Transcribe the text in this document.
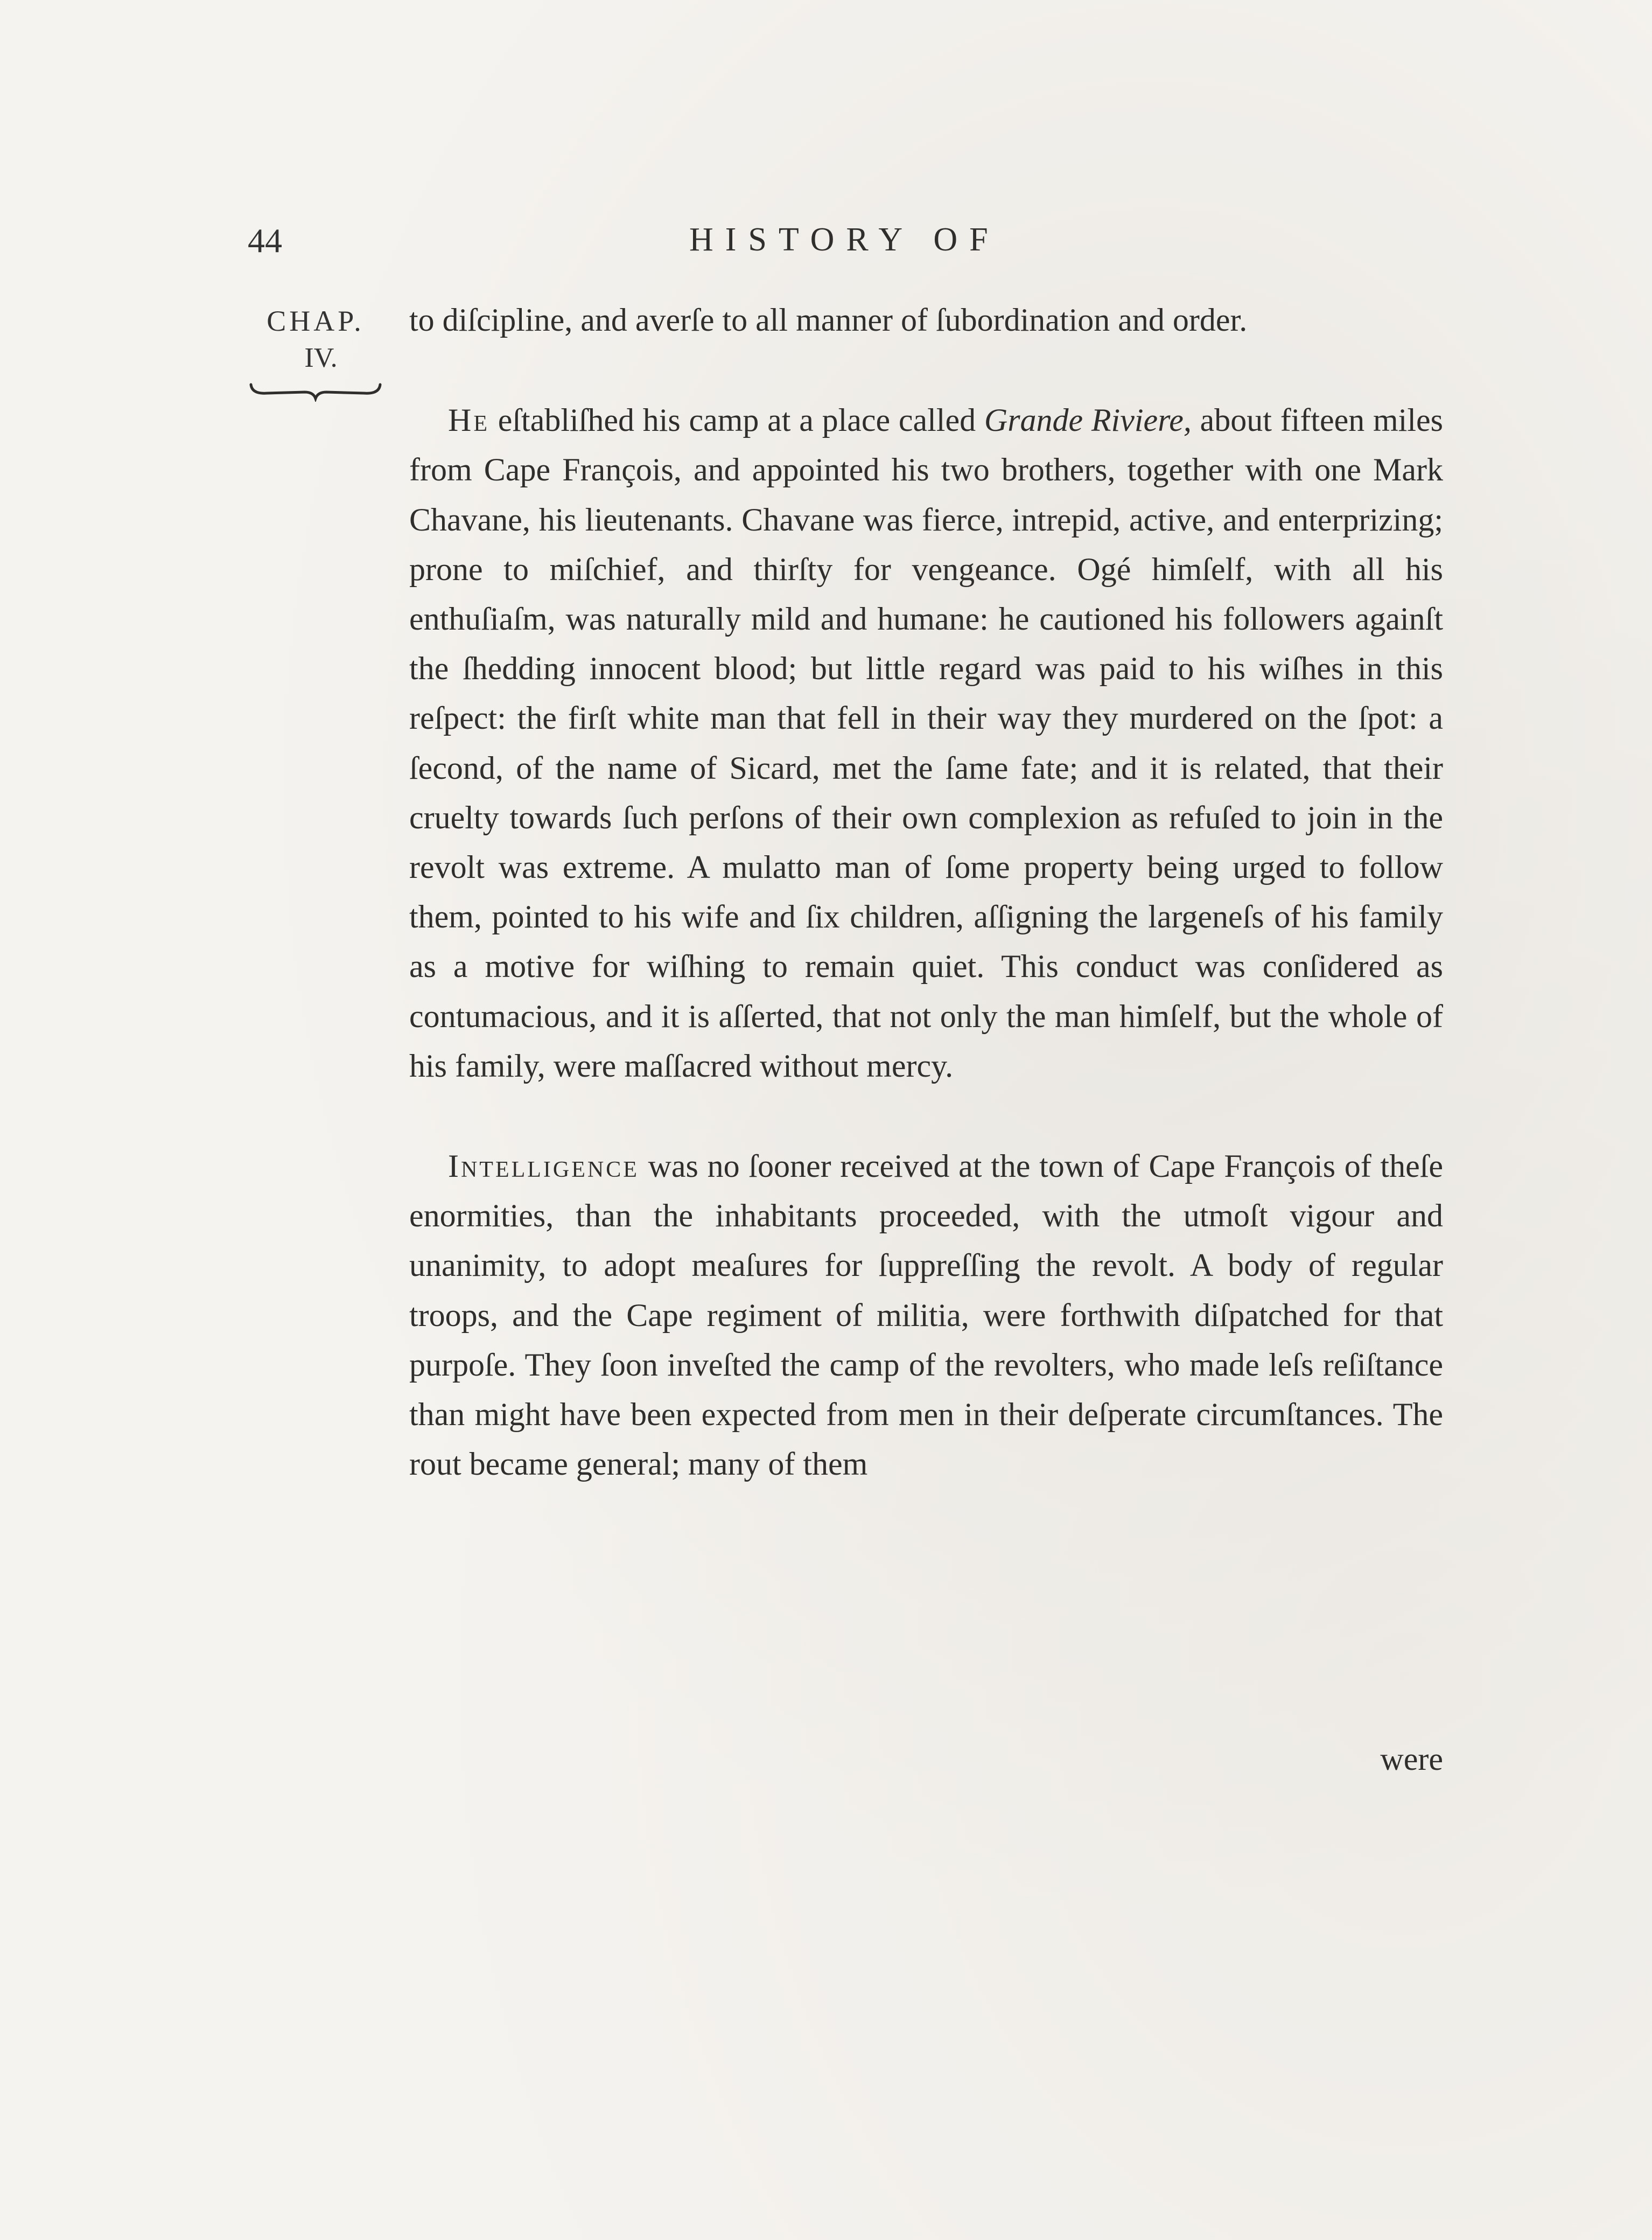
44	HISTORY OF
CHAP.
IV.

to diſcipline, and averſe to all manner of ſubordination and order.

He eſtabliſhed his camp at a place called Grande Riviere, about fifteen miles from Cape François, and appointed his two brothers, together with one Mark Chavane, his lieutenants. Chavane was fierce, intrepid, active, and enterprizing; prone to miſchief, and thirſty for vengeance. Ogé himſelf, with all his enthuſiaſm, was naturally mild and humane: he cautioned his followers againſt the ſhedding innocent blood; but little regard was paid to his wiſhes in this reſpect: the firſt white man that fell in their way they murdered on the ſpot: a ſecond, of the name of Sicard, met the ſame fate; and it is related, that their cruelty towards ſuch perſons of their own complexion as refuſed to join in the revolt was extreme. A mulatto man of ſome property being urged to follow them, pointed to his wife and ſix children, aſſigning the largeneſs of his family as a motive for wiſhing to remain quiet. This conduct was conſidered as contumacious, and it is aſſerted, that not only the man himſelf, but the whole of his family, were maſſacred without mercy.

Intelligence was no ſooner received at the town of Cape François of theſe enormities, than the inhabitants proceeded, with the utmoſt vigour and unanimity, to adopt meaſures for ſuppreſſing the revolt. A body of regular troops, and the Cape regiment of militia, were forthwith diſpatched for that purpoſe. They ſoon inveſted the camp of the revolters, who made leſs reſiſtance than might have been expected from men in their deſperate circumſtances. The rout became general; many of them

were
